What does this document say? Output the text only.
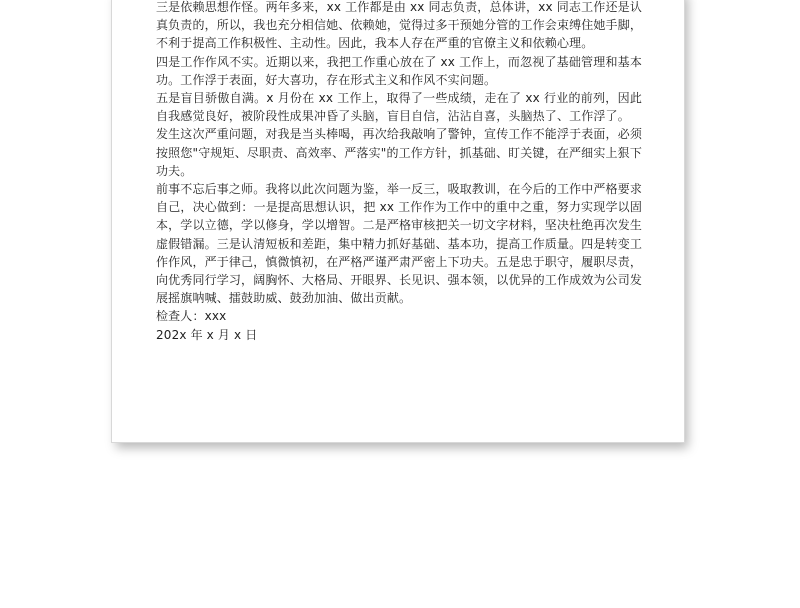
三是依赖思想作怪。两年多来，xx 工作都是由 xx 同志负责，总体讲，xx 同志工作还是认真负责的，所以，我也充分相信她、依赖她，觉得过多干预她分管的工作会束缚住她手脚，不利于提高工作积极性、主动性。因此，我本人存在严重的官僚主义和依赖心理。

四是工作作风不实。近期以来，我把工作重心放在了 xx 工作上，而忽视了基础管理和基本功。工作浮于表面，好大喜功，存在形式主义和作风不实问题。

五是盲目骄傲自满。x 月份在 xx 工作上，取得了一些成绩，走在了 xx 行业的前列，因此自我感觉良好，被阶段性成果冲昏了头脑，盲目自信，沾沾自喜，头脑热了、工作浮了。

发生这次严重问题，对我是当头棒喝，再次给我敲响了警钟，宣传工作不能浮于表面，必须按照您"守规矩、尽职责、高效率、严落实"的工作方针，抓基础、盯关键，在严细实上狠下功夫。

前事不忘后事之师。我将以此次问题为鉴，举一反三，吸取教训，在今后的工作中严格要求自己，决心做到：一是提高思想认识，把 xx 工作作为工作中的重中之重，努力实现学以固本，学以立德，学以修身，学以增智。二是严格审核把关一切文字材料，坚决杜绝再次发生虚假错漏。三是认清短板和差距，集中精力抓好基础、基本功，提高工作质量。四是转变工作作风，严于律己，慎微慎初，在严格严谨严肃严密上下功夫。五是忠于职守，履职尽责，向优秀同行学习，阔胸怀、大格局、开眼界、长见识、强本领，以优异的工作成效为公司发展摇旗呐喊、擂鼓助威、鼓劲加油、做出贡献。

检查人：xxx

202x 年 x 月 x 日
